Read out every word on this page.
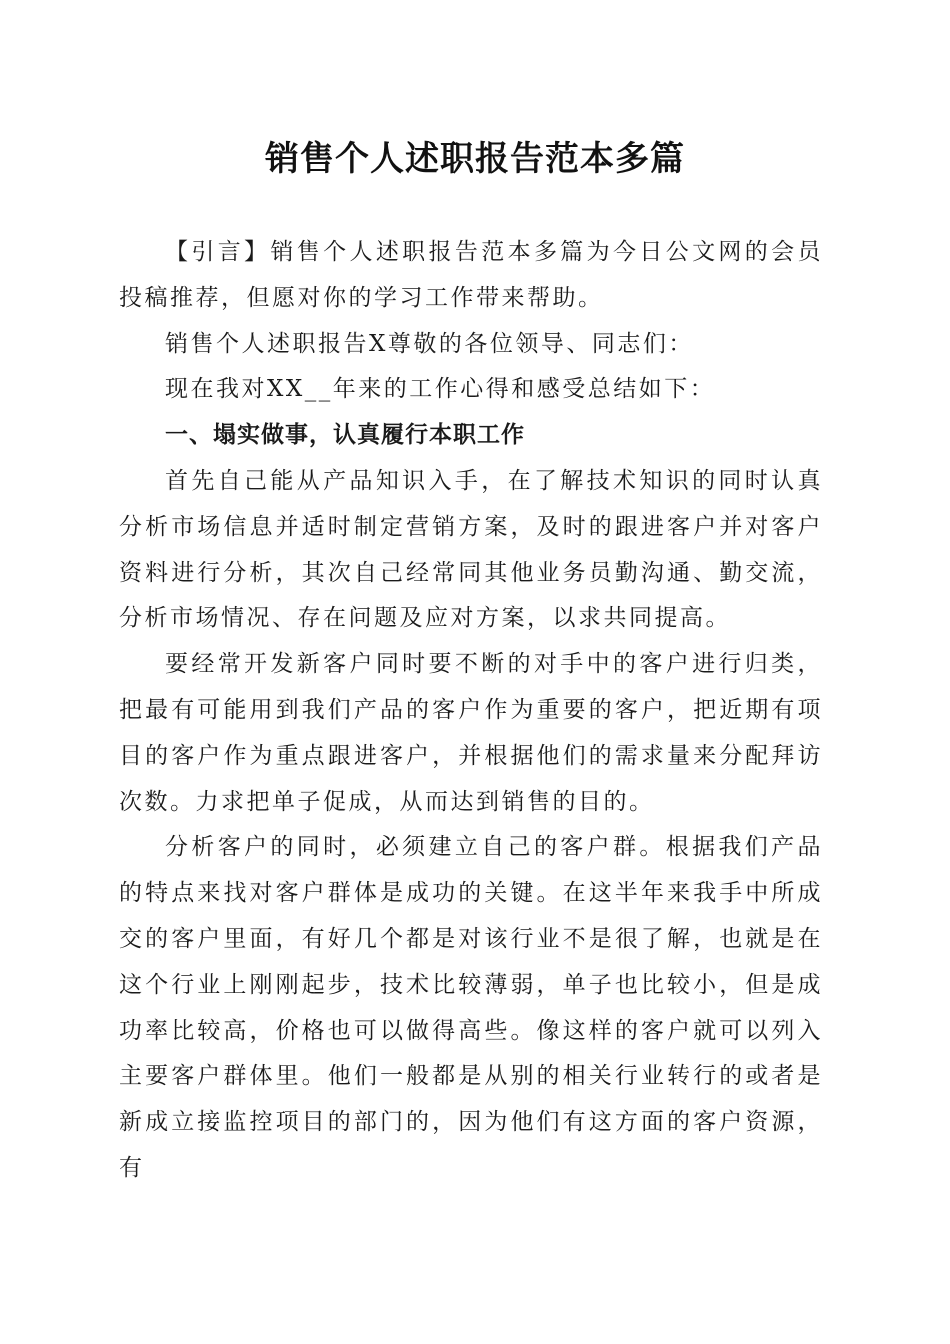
销售个人述职报告范本多篇

【引言】销售个人述职报告范本多篇为今日公文网的会员投稿推荐，但愿对你的学习工作带来帮助。

销售个人述职报告X尊敬的各位领导、同志们：

现在我对XX__年来的工作心得和感受总结如下：

一、塌实做事，认真履行本职工作

首先自己能从产品知识入手，在了解技术知识的同时认真分析市场信息并适时制定营销方案，及时的跟进客户并对客户资料进行分析，其次自己经常同其他业务员勤沟通、勤交流，分析市场情况、存在问题及应对方案，以求共同提高。

要经常开发新客户同时要不断的对手中的客户进行归类，把最有可能用到我们产品的客户作为重要的客户，把近期有项目的客户作为重点跟进客户，并根据他们的需求量来分配拜访次数。力求把单子促成，从而达到销售的目的。

分析客户的同时，必须建立自己的客户群。根据我们产品的特点来找对客户群体是成功的关键。在这半年来我手中所成交的客户里面，有好几个都是对该行业不是很了解，也就是在这个行业上刚刚起步，技术比较薄弱，单子也比较小，但是成功率比较高，价格也可以做得高些。像这样的客户就可以列入主要客户群体里。他们一般都是从别的相关行业转行的或者是新成立接监控项目的部门的，因为他们有这方面的客户资源，有
